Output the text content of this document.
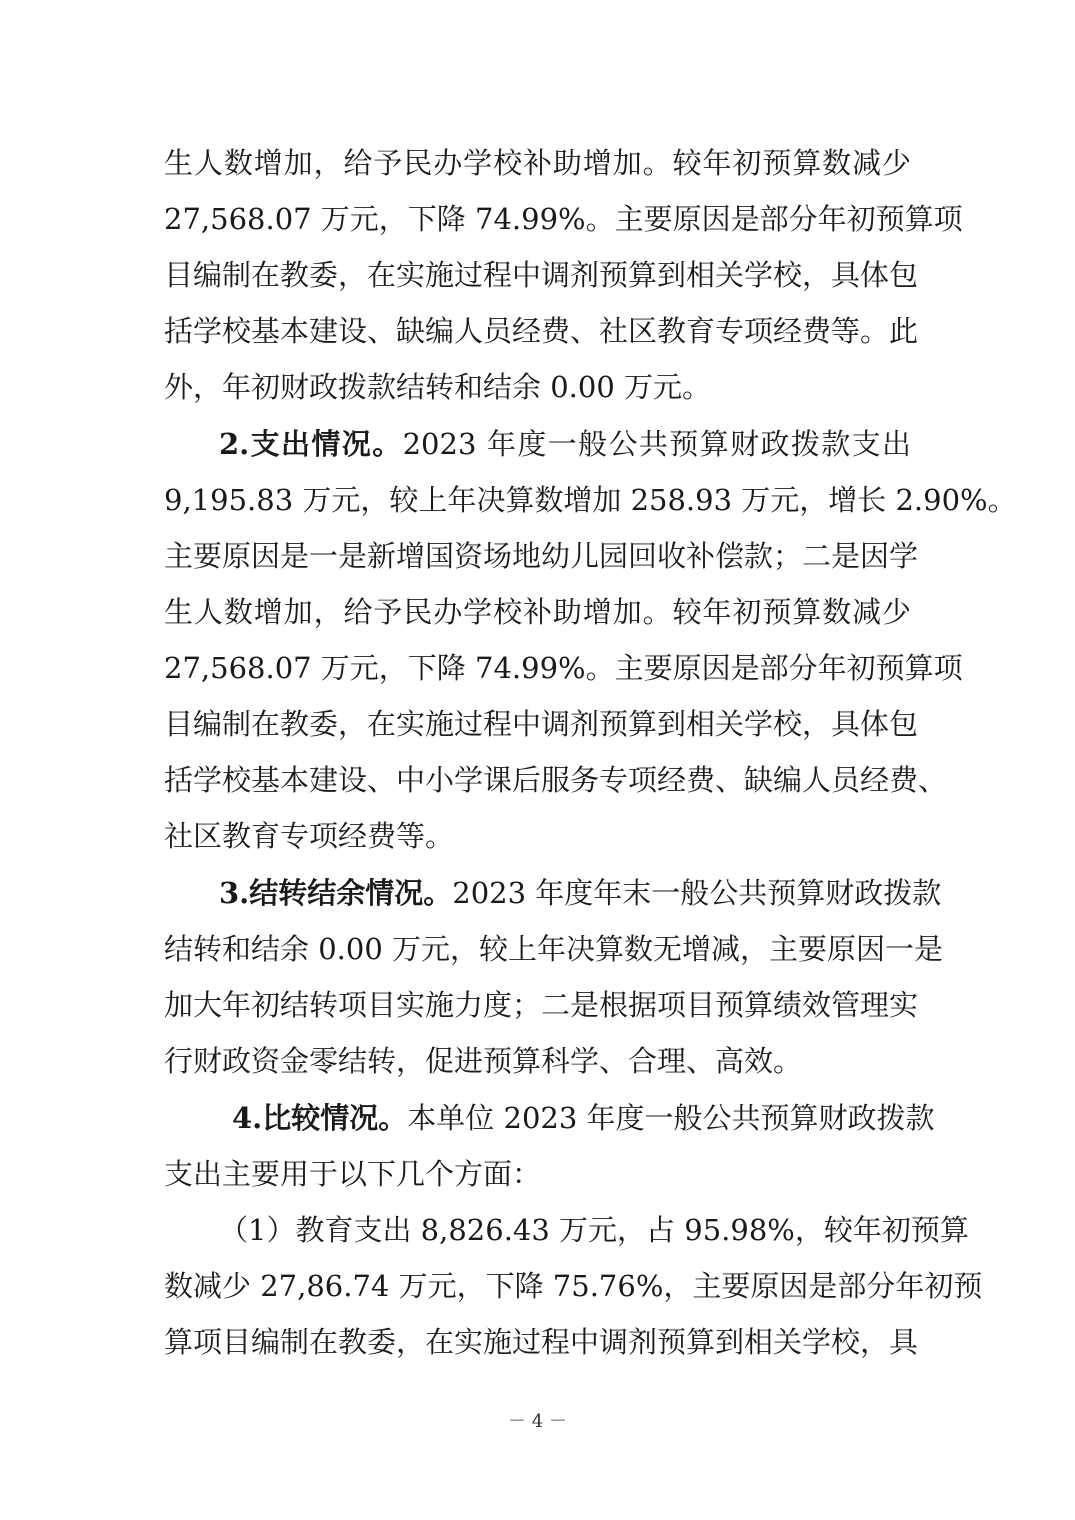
生人数增加，给予民办学校补助增加。较年初预算数减少
27,568.07 万元，下降 74.99%。主要原因是部分年初预算项
目编制在教委，在实施过程中调剂预算到相关学校，具体包
括学校基本建设、缺编人员经费、社区教育专项经费等。此
外，年初财政拨款结转和结余 0.00 万元。
2.支出情况。2023 年度一般公共预算财政拨款支出
9,195.83 万元，较上年决算数增加 258.93 万元，增长 2.90%。
主要原因是一是新增国资场地幼儿园回收补偿款；二是因学
生人数增加，给予民办学校补助增加。较年初预算数减少
27,568.07 万元，下降 74.99%。主要原因是部分年初预算项
目编制在教委，在实施过程中调剂预算到相关学校，具体包
括学校基本建设、中小学课后服务专项经费、缺编人员经费、
社区教育专项经费等。
3.结转结余情况。2023 年度年末一般公共预算财政拨款
结转和结余 0.00 万元，较上年决算数无增减，主要原因一是
加大年初结转项目实施力度；二是根据项目预算绩效管理实
行财政资金零结转，促进预算科学、合理、高效。
4.比较情况。本单位 2023 年度一般公共预算财政拨款
支出主要用于以下几个方面：
（1）教育支出 8,826.43 万元，占 95.98%，较年初预算
数减少 27,86.74 万元，下降 75.76%，主要原因是部分年初预
算项目编制在教委，在实施过程中调剂预算到相关学校，具
－ 4 －
